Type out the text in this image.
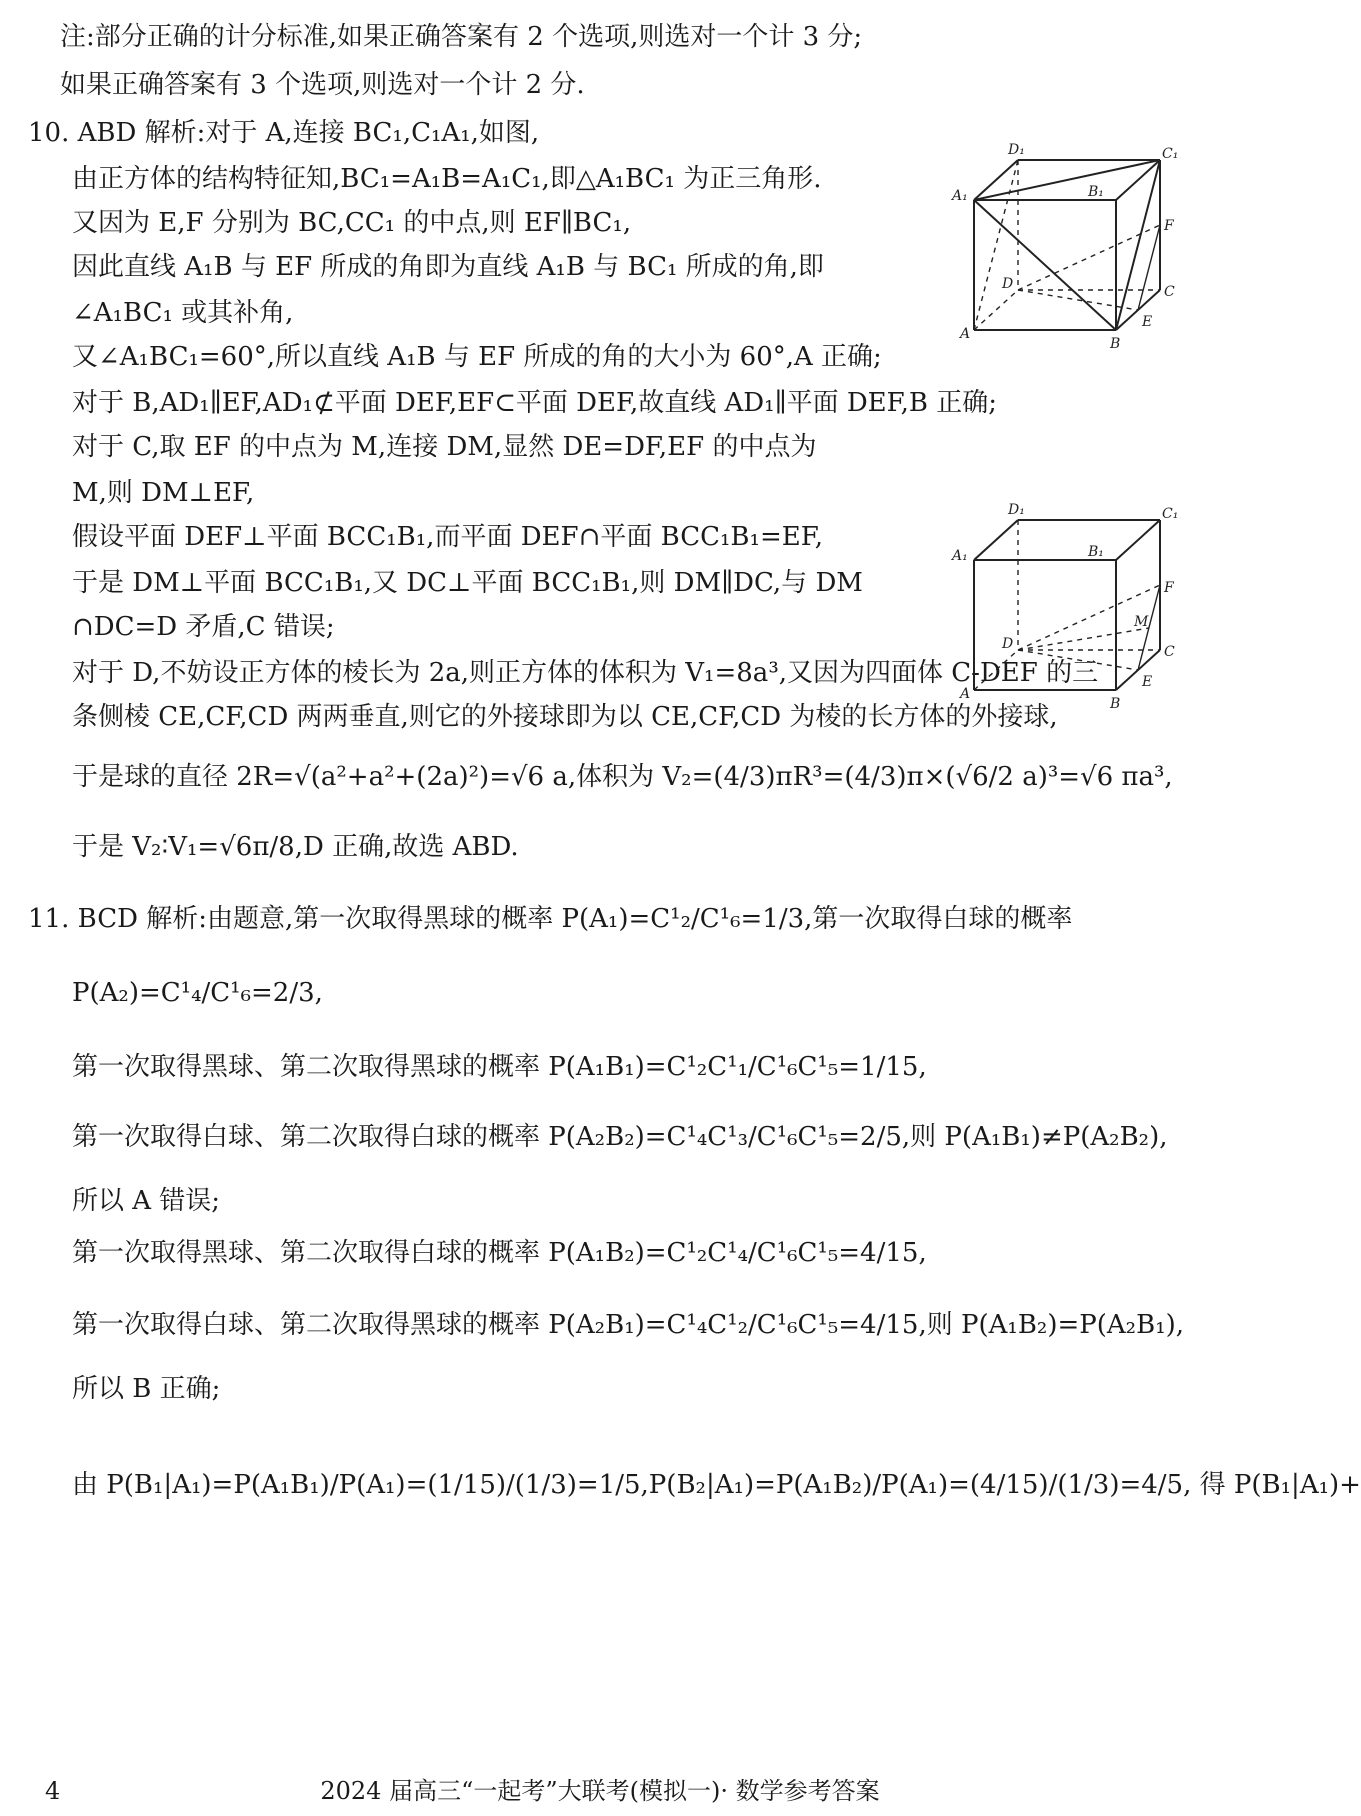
注:部分正确的计分标准,如果正确答案有 2 个选项,则选对一个计 3 分;
如果正确答案有 3 个选项,则选对一个计 2 分.
10. ABD 解析:对于 A,连接 BC₁,C₁A₁,如图,
由正方体的结构特征知,BC₁=A₁B=A₁C₁,即△A₁BC₁ 为正三角形.
又因为 E,F 分别为 BC,CC₁ 的中点,则 EF∥BC₁,
因此直线 A₁B 与 EF 所成的角即为直线 A₁B 与 BC₁ 所成的角,即
∠A₁BC₁ 或其补角,
又∠A₁BC₁=60°,所以直线 A₁B 与 EF 所成的角的大小为 60°,A 正确;
对于 B,AD₁∥EF,AD₁⊄平面 DEF,EF⊂平面 DEF,故直线 AD₁∥平面 DEF,B 正确;
对于 C,取 EF 的中点为 M,连接 DM,显然 DE=DF,EF 的中点为
M,则 DM⊥EF,
假设平面 DEF⊥平面 BCC₁B₁,而平面 DEF∩平面 BCC₁B₁=EF,
于是 DM⊥平面 BCC₁B₁,又 DC⊥平面 BCC₁B₁,则 DM∥DC,与 DM
∩DC=D 矛盾,C 错误;
对于 D,不妨设正方体的棱长为 2a,则正方体的体积为 V₁=8a³,又因为四面体 C-DEF 的三
条侧棱 CE,CF,CD 两两垂直,则它的外接球即为以 CE,CF,CD 为棱的长方体的外接球,
于是球的直径 2R=√(a²+a²+(2a)²)=√6 a,体积为 V₂=(4/3)πR³=(4/3)π×(√6/2 a)³=√6 πa³,
于是 V₂∶V₁=√6π/8,D 正确,故选 ABD.
11. BCD 解析:由题意,第一次取得黑球的概率 P(A₁)=C¹₂/C¹₆=1/3,第一次取得白球的概率
P(A₂)=C¹₄/C¹₆=2/3,
第一次取得黑球、第二次取得黑球的概率 P(A₁B₁)=C¹₂C¹₁/C¹₆C¹₅=1/15,
第一次取得白球、第二次取得白球的概率 P(A₂B₂)=C¹₄C¹₃/C¹₆C¹₅=2/5,则 P(A₁B₁)≠P(A₂B₂),
所以 A 错误;
第一次取得黑球、第二次取得白球的概率 P(A₁B₂)=C¹₂C¹₄/C¹₆C¹₅=4/15,
第一次取得白球、第二次取得黑球的概率 P(A₂B₁)=C¹₄C¹₂/C¹₆C¹₅=4/15,则 P(A₁B₂)=P(A₂B₁),
所以 B 正确;
由 P(B₁|A₁)=P(A₁B₁)/P(A₁)=(1/15)/(1/3)=1/5,P(B₂|A₁)=P(A₁B₂)/P(A₁)=(4/15)/(1/3)=4/5, 得 P(B₁|A₁)+
D₁	C₁
A₁	B₁
F
D	C
A
B
E
D₁	C₁
A₁	B₁
F
M
D	C
A
B
E
4	2024 届高三“一起考”大联考(模拟一)· 数学参考答案
